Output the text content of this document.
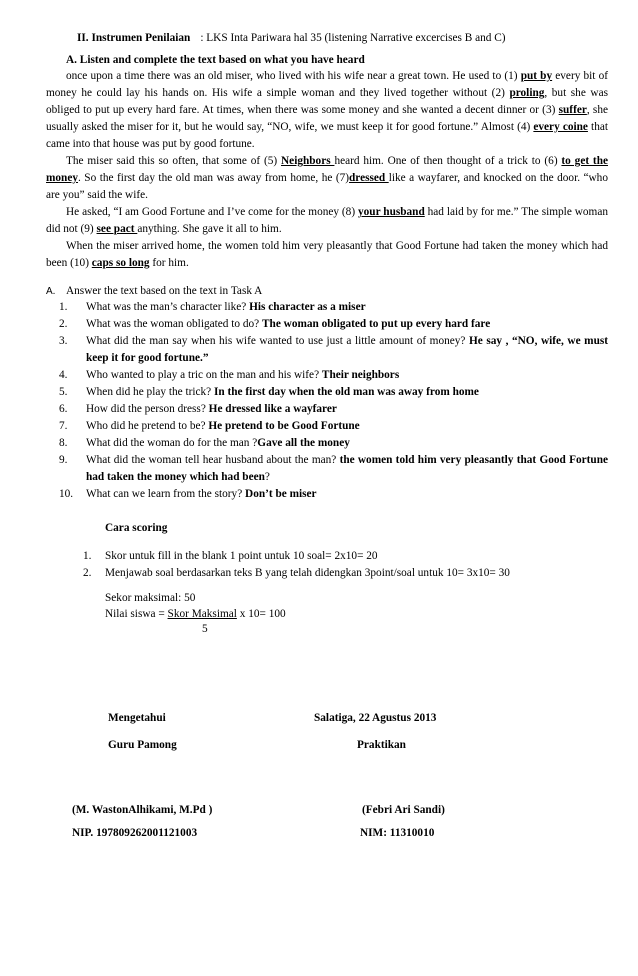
II. Instrumen Penilaian : LKS Inta Pariwara hal 35 (listening Narrative excercises B and C)
A. Listen and complete the text based on what you have heard

once upon a time there was an old miser, who lived with his wife near a great town. He used to (1) put by every bit of money he could lay his hands on. His wife a simple woman and they lived together without (2) proling, but she was obliged to put up every hard fare. At times, when there was some money and she wanted a decent dinner or (3) suffer, she usually asked the miser for it, but he would say, “NO, wife, we must keep it for good fortune.” Almost (4) every coine that came into that house was put by good fortune.

The miser said this so often, that some of (5) Neighbors heard him. One of then thought of a trick to (6) to get the money. So the first day the old man was away from home, he (7)dressed like a wayfarer, and knocked on the door. “who are you” said the wife.

He asked, “I am Good Fortune and I’ve come for the money (8) your husband had laid by for me.” The simple woman did not (9) see pact anything. She gave it all to him.

When the miser arrived home, the women told him very pleasantly that Good Fortune had taken the money which had been (10) caps so long for him.

A. Answer the text based on the text in Task A
1. What was the man’s character like? His character as a miser
2. What was the woman obligated to do? The woman obligated to put up every hard fare
3. What did the man say when his wife wanted to use just a little amount of money? He say , “NO, wife, we must keep it for good fortune.”
4. Who wanted to play a tric on the man and his wife? Their neighbors
5. When did he play the trick? In the first day when the old man was away from home
6. How did the person dress? He dressed like a wayfarer
7. Who did he pretend to be? He pretend to be Good Fortune
8. What did the woman do for the man ?Gave all the money
9. What did the woman tell hear husband about the man? the women told him very pleasantly that Good Fortune had taken the money which had been?
10. What can we learn from the story? Don’t be miser
Cara scoring
1. Skor untuk fill in the blank 1 point untuk 10 soal= 2x10= 20
2. Menjawab soal berdasarkan teks B yang telah didengkan 3point/soal untuk 10= 3x10= 30
Sekor maksimal: 50
Nilai siswa = Skor Maksimal x 10= 100
5
Mengetahui
Guru Pamong
(M. WastonAlhikami, M.Pd )
NIP. 197809262001121003
Salatiga, 22 Agustus 2013
Praktikan
(Febri Ari Sandi)
NIM: 11310010
